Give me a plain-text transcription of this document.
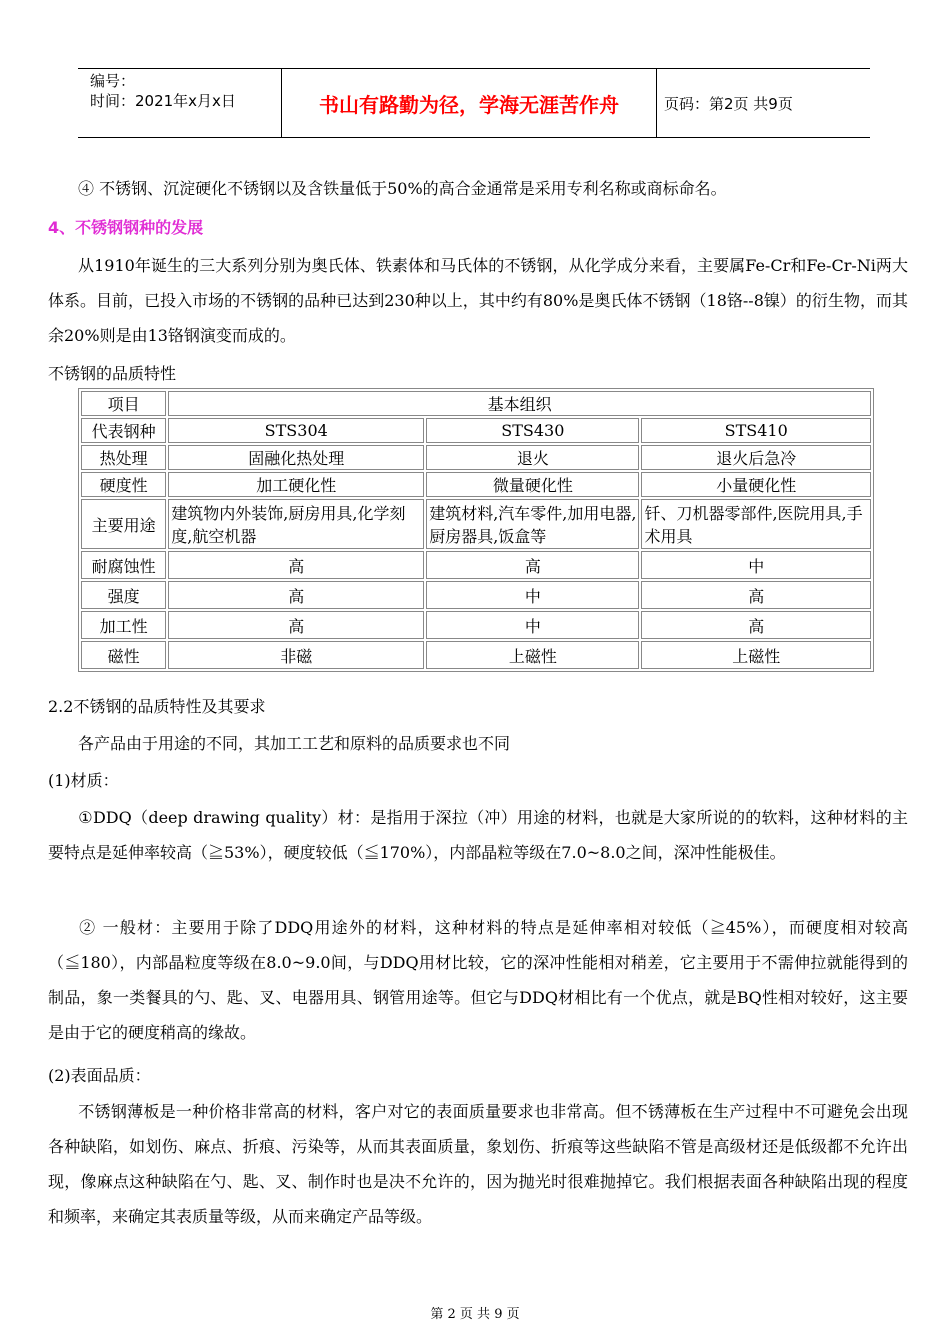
编号：
时间：2021年x月x日	书山有路勤为径，学海无涯苦作舟	页码：第2页 共9页
④ 不锈钢、沉淀硬化不锈钢以及含铁量低于50%的高合金通常是采用专利名称或商标命名。
4、不锈钢钢种的发展
从1910年诞生的三大系列分别为奥氏体、铁素体和马氏体的不锈钢，从化学成分来看，主要属Fe-Cr和Fe-Cr-Ni两大体系。目前，已投入市场的不锈钢的品种已达到230种以上，其中约有80%是奥氏体不锈钢（18铬--8镍）的衍生物，而其余20%则是由13铬钢演变而成的。
不锈钢的品质特性
项目	基本组织		
代表钢种	STS304	STS430	STS410
热处理	固融化热处理	退火	退火后急冷
硬度性	加工硬化性	微量硬化性	小量硬化性
主要用途	建筑物内外装饰,厨房用具,化学刻度,航空机器	建筑材料,汽车零件,加用电器,厨房器具,饭盒等	钎、刀机器零部件,医院用具,手术用具
耐腐蚀性	高	高	中
强度	高	中	高
加工性	高	中	高
磁性	非磁	上磁性	上磁性
2.2不锈钢的品质特性及其要求
各产品由于用途的不同，其加工工艺和原料的品质要求也不同
(1)材质：
①DDQ（deep drawing quality）材：是指用于深拉（冲）用途的材料，也就是大家所说的的软料，这种材料的主要特点是延伸率较高（≧53%），硬度较低（≦170%），内部晶粒等级在7.0~8.0之间，深冲性能极佳。
② 一般材：主要用于除了DDQ用途外的材料，这种材料的特点是延伸率相对较低（≧45%），而硬度相对较高（≦180），内部晶粒度等级在8.0~9.0间，与DDQ用材比较，它的深冲性能相对稍差，它主要用于不需伸拉就能得到的制品，象一类餐具的勺、匙、叉、电器用具、钢管用途等。但它与DDQ材相比有一个优点，就是BQ性相对较好，这主要是由于它的硬度稍高的缘故。
(2)表面品质：
不锈钢薄板是一种价格非常高的材料，客户对它的表面质量要求也非常高。但不锈薄板在生产过程中不可避免会出现各种缺陷，如划伤、麻点、折痕、污染等，从而其表面质量，象划伤、折痕等这些缺陷不管是高级材还是低级都不允许出现，像麻点这种缺陷在勺、匙、叉、制作时也是决不允许的，因为抛光时很难抛掉它。我们根据表面各种缺陷出现的程度和频率，来确定其表质量等级，从而来确定产品等级。
第 2 页 共 9 页
